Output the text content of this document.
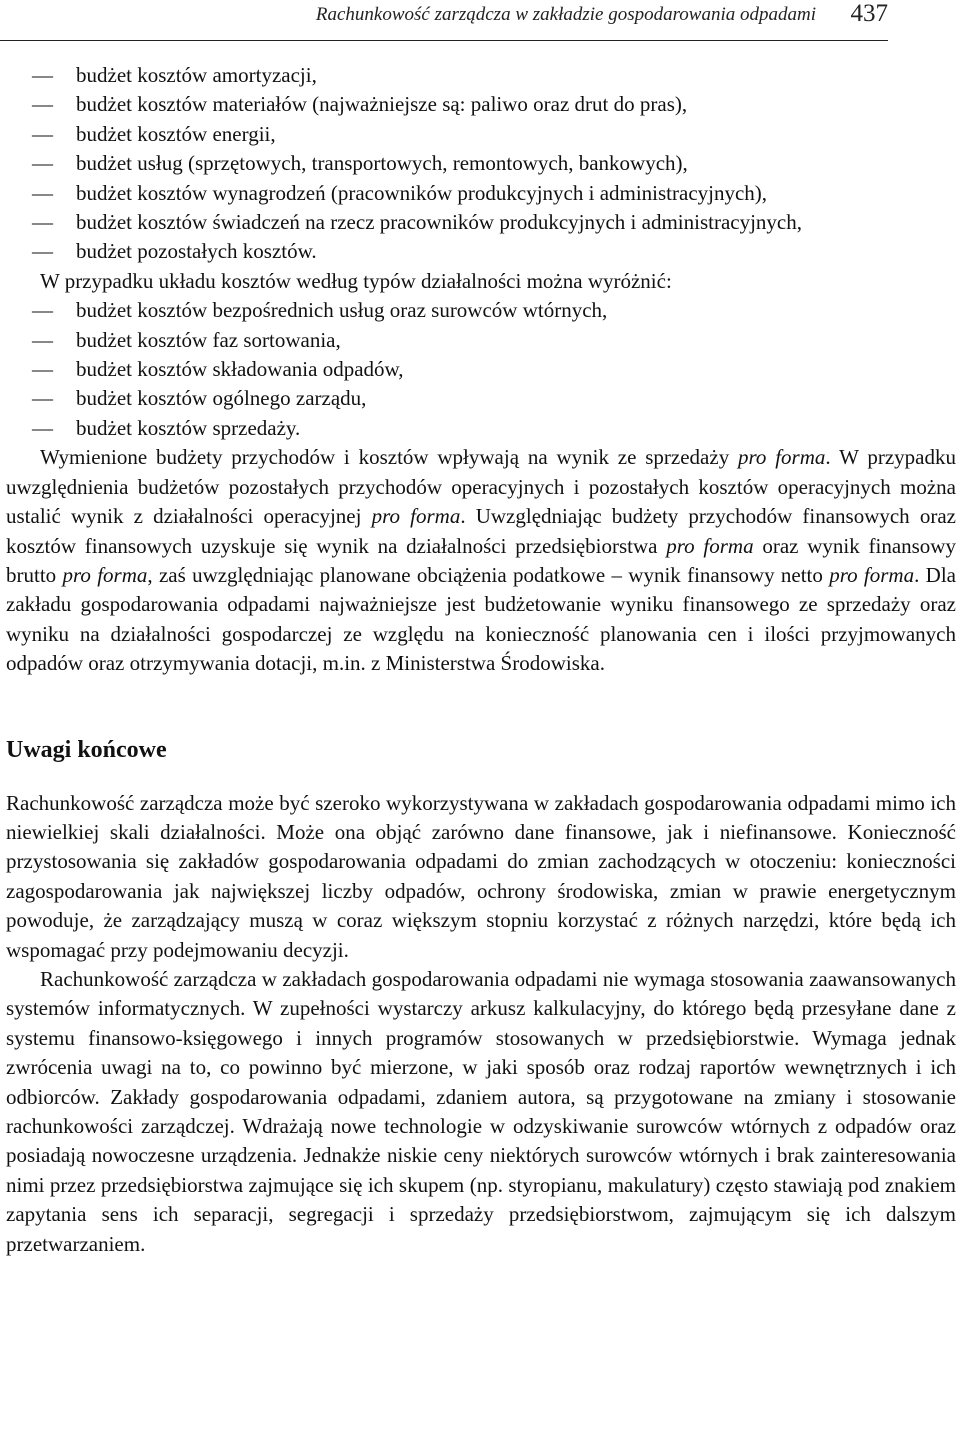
Rachunkowość zarządcza w zakładzie gospodarowania odpadami 437
— budżet kosztów amortyzacji,
— budżet kosztów materiałów (najważniejsze są: paliwo oraz drut do pras),
— budżet kosztów energii,
— budżet usług (sprzętowych, transportowych, remontowych, bankowych),
— budżet kosztów wynagrodzeń (pracowników produkcyjnych i administracyjnych),
— budżet kosztów świadczeń na rzecz pracowników produkcyjnych i administracyjnych,
— budżet pozostałych kosztów.

W przypadku układu kosztów według typów działalności można wyróżnić:

— budżet kosztów bezpośrednich usług oraz surowców wtórnych,
— budżet kosztów faz sortowania,
— budżet kosztów składowania odpadów,
— budżet kosztów ogólnego zarządu,
— budżet kosztów sprzedaży.

Wymienione budżety przychodów i kosztów wpływają na wynik ze sprzedaży pro forma. W przypadku uwzględnienia budżetów pozostałych przychodów operacyjnych i pozostałych kosztów operacyjnych można ustalić wynik z działalności operacyjnej pro forma. Uwzględniając budżety przychodów finansowych oraz kosztów finansowych uzyskuje się wynik na działalności przedsiębiorstwa pro forma oraz wynik finansowy brutto pro forma, zaś uwzględniając planowane obciążenia podatkowe – wynik finansowy netto pro forma. Dla zakładu gospodarowania odpadami najważniejsze jest budżetowanie wyniku finansowego ze sprzedaży oraz wyniku na działalności gospodarczej ze względu na konieczność planowania cen i ilości przyjmowanych odpadów oraz otrzymywania dotacji, m.in. z Ministerstwa Środowiska.

Uwagi końcowe

Rachunkowość zarządcza może być szeroko wykorzystywana w zakładach gospodarowania odpadami mimo ich niewielkiej skali działalności. Może ona objąć zarówno dane finansowe, jak i niefinansowe. Konieczność przystosowania się zakładów gospodarowania odpadami do zmian zachodzących w otoczeniu: konieczności zagospodarowania jak największej liczby odpadów, ochrony środowiska, zmian w prawie energetycznym powoduje, że zarządzający muszą w coraz większym stopniu korzystać z różnych narzędzi, które będą ich wspomagać przy podejmowaniu decyzji.

Rachunkowość zarządcza w zakładach gospodarowania odpadami nie wymaga stosowania zaawansowanych systemów informatycznych. W zupełności wystarczy arkusz kalkulacyjny, do którego będą przesyłane dane z systemu finansowo-księgowego i innych programów stosowanych w przedsiębiorstwie. Wymaga jednak zwrócenia uwagi na to, co powinno być mierzone, w jaki sposób oraz rodzaj raportów wewnętrznych i ich odbiorców. Zakłady gospodarowania odpadami, zdaniem autora, są przygotowane na zmiany i stosowanie rachunkowości zarządczej. Wdrażają nowe technologie w odzyskiwanie surowców wtórnych z odpadów oraz posiadają nowoczesne urządzenia. Jednakże niskie ceny niektórych surowców wtórnych i brak zainteresowania nimi przez przedsiębiorstwa zajmujące się ich skupem (np. styropianu, makulatury) często stawiają pod znakiem zapytania sens ich separacji, segregacji i sprzedaży przedsiębiorstwom, zajmującym się ich dalszym przetwarzaniem.
